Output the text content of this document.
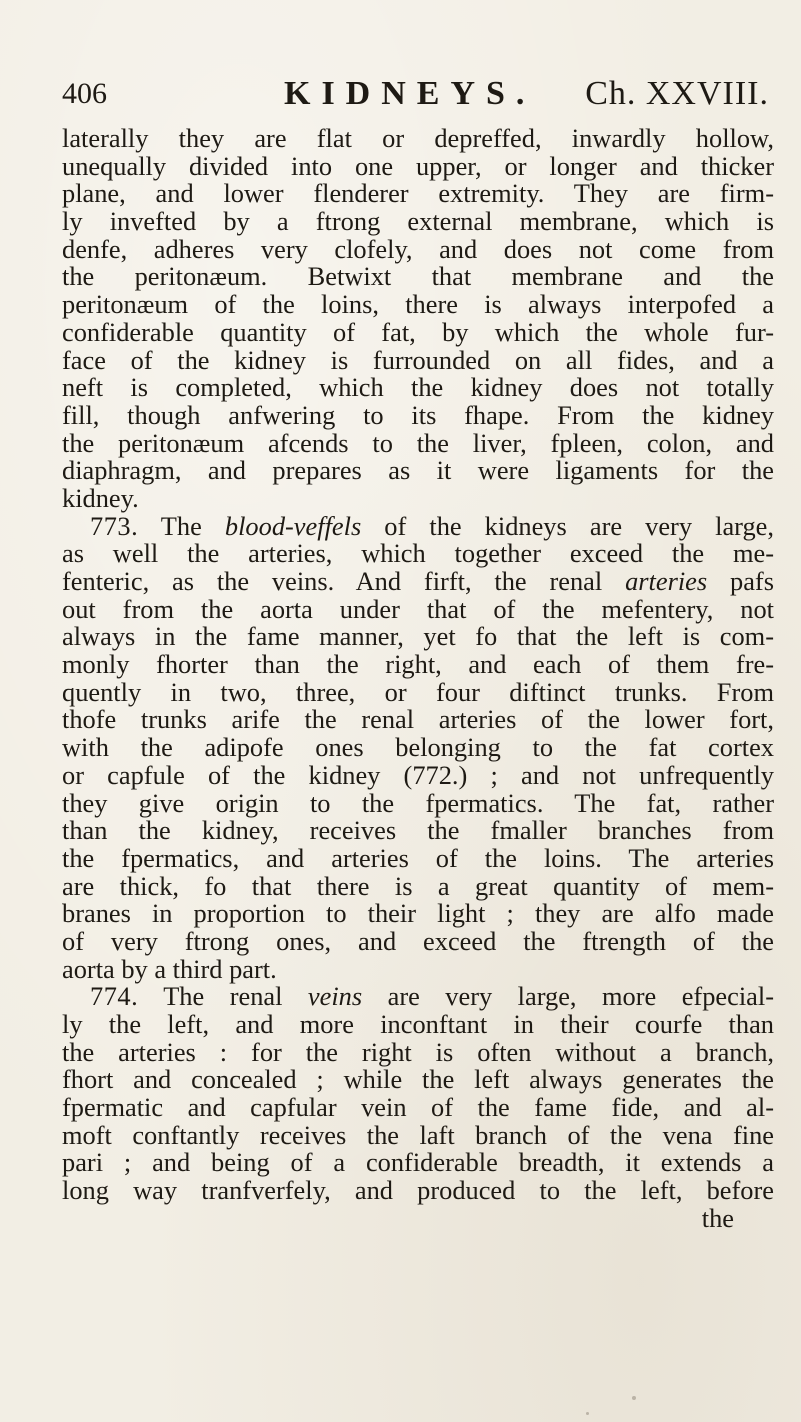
406	KIDNEYS. Ch. XXVIII.
laterally they are flat or depreffed, inwardly hollow,
unequally divided into one upper, or longer and thicker
plane, and lower flenderer extremity. They are firm-
ly invefted by a ftrong external membrane, which is
denfe, adheres very clofely, and does not come from
the peritonæum. Betwixt that membrane and the
peritonæum of the loins, there is always interpofed a
confiderable quantity of fat, by which the whole fur-
face of the kidney is furrounded on all fides, and a
neft is completed, which the kidney does not totally
fill, though anfwering to its fhape. From the kidney
the peritonæum afcends to the liver, fpleen, colon, and
diaphragm, and prepares as it were ligaments for the
kidney.
773. The blood-veffels of the kidneys are very large,
as well the arteries, which together exceed the me-
fenteric, as the veins. And firft, the renal arteries pafs
out from the aorta under that of the mefentery, not
always in the fame manner, yet fo that the left is com-
monly fhorter than the right, and each of them fre-
quently in two, three, or four diftinct trunks. From
thofe trunks arife the renal arteries of the lower fort,
with the adipofe ones belonging to the fat cortex
or capfule of the kidney (772.) ; and not unfrequently
they give origin to the fpermatics. The fat, rather
than the kidney, receives the fmaller branches from
the fpermatics, and arteries of the loins. The arteries
are thick, fo that there is a great quantity of mem-
branes in proportion to their light ; they are alfo made
of very ftrong ones, and exceed the ftrength of the
aorta by a third part.
774. The renal veins are very large, more efpecial-
ly the left, and more inconftant in their courfe than
the arteries : for the right is often without a branch,
fhort and concealed ; while the left always generates the
fpermatic and capfular vein of the fame fide, and al-
moft conftantly receives the laft branch of the vena fine
pari ; and being of a confiderable breadth, it extends a
long way tranfverfely, and produced to the left, before
the
